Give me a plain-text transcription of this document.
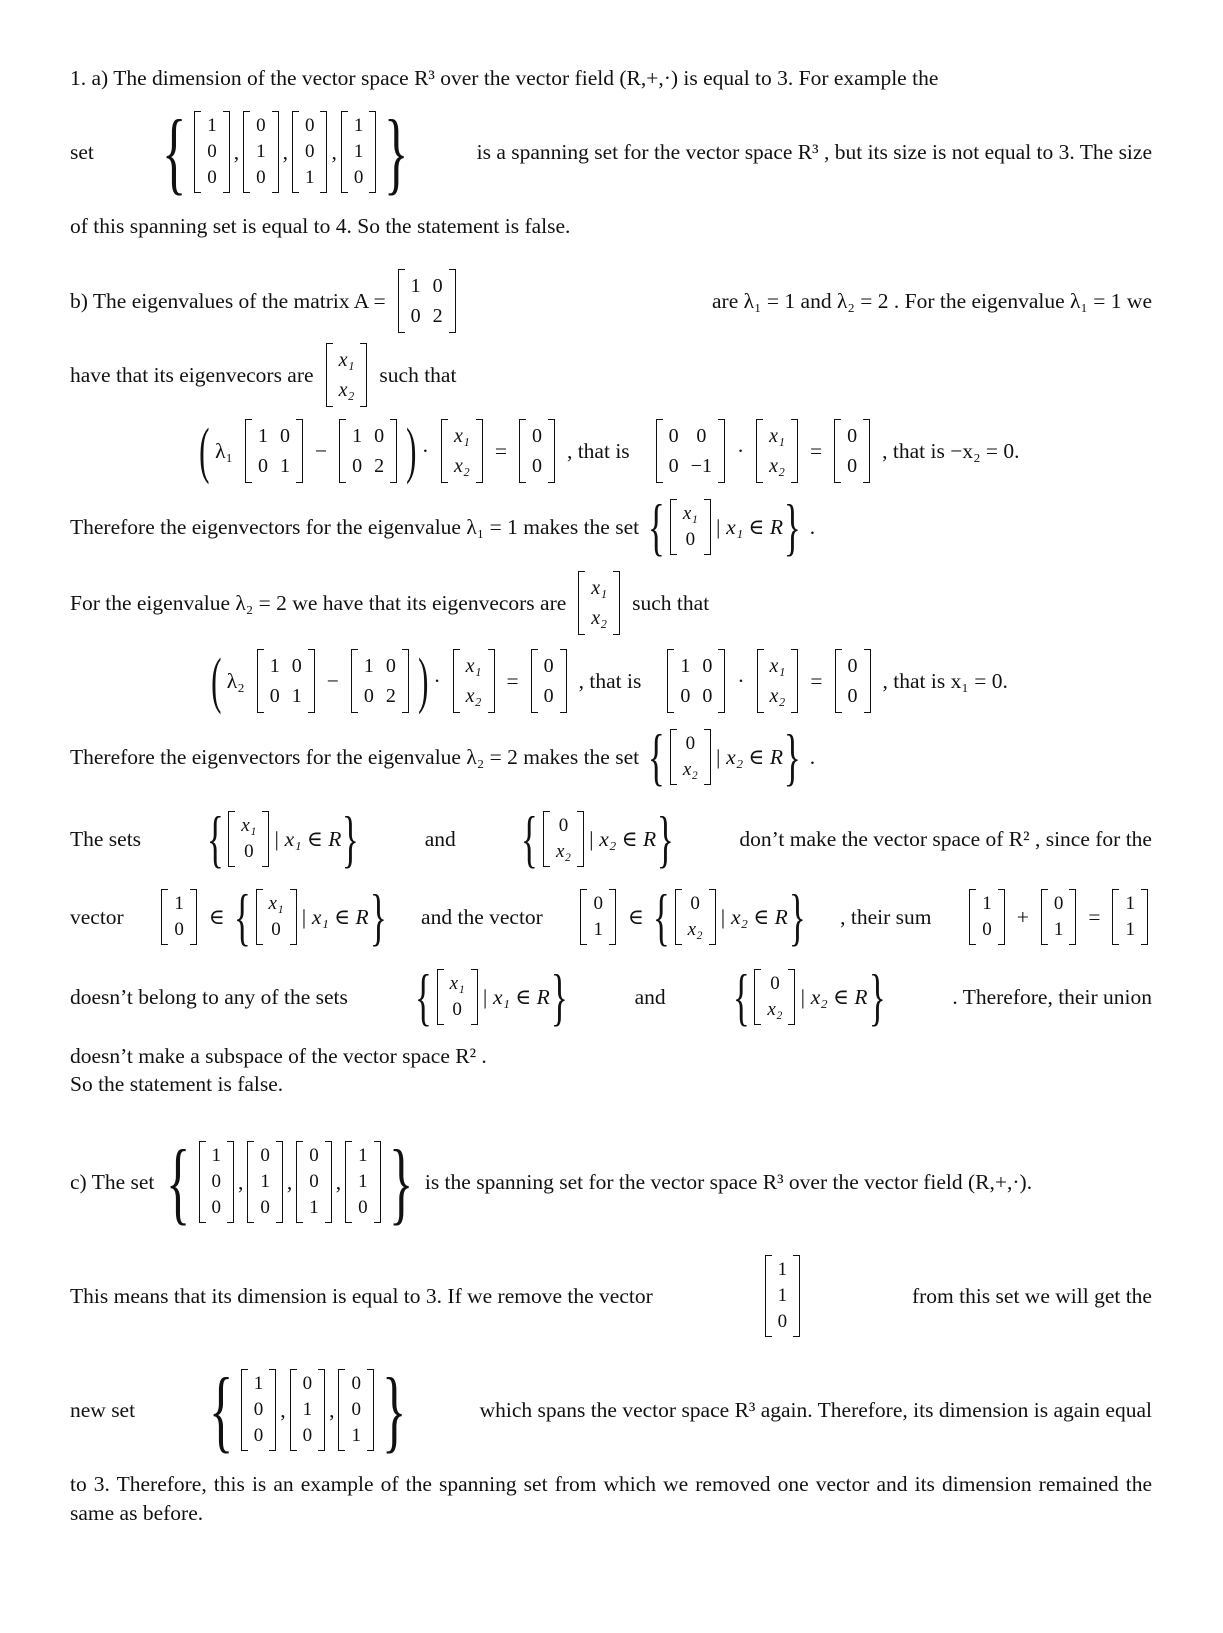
1. a) The dimension of the vector space R³ over the vector field (R,+,·) is equal to 3. For example the
set { 1
0
0
,
0
1
0
,
0
0
1
,
1
1
0 }	is a spanning set for the vector space R³ , but its size is not equal to 3. The size
of this spanning set is equal to 4. So the statement is false.
b) The eigenvalues of the matrix A =
1	0
0	2
are λ₁ = 1 and λ₂ = 2 . For the eigenvalue λ₁ = 1 we
have that its eigenvecors are
x₁
x₂
such that
( λ₁
1	0
0	1
−
1	0
0	2 ) ·
x₁
x₂
=
0
0
, that is
0	0
0	−1
·
x₁
x₂
=
0
0
, that is −x₂ = 0.
Therefore the eigenvectors for the eigenvalue λ₁ = 1 makes the set { x₁
0
| x₁ ∈ R } .
For the eigenvalue λ₂ = 2 we have that its eigenvecors are
x₁
x₂
such that
( λ₂
1	0
0	1
−
1	0
0	2 ) ·
x₁
x₂
=
0
0
, that is
1	0
0	0
·
x₁
x₂
=
0
0
, that is x₁ = 0.
Therefore the eigenvectors for the eigenvalue λ₂ = 2 makes the set { 0
x₂
| x₂ ∈ R } .
The sets { x₁
0
| x₁ ∈ R }	and { 0
x₂
| x₂ ∈ R }	don’t make the vector space of R² , since for the
vector
1
0
∈ { x₁
0
| x₁ ∈ R } and the vector
0
1
∈ { 0
x₂
| x₂ ∈ R } , their sum
1
0
+
0
1
=
1
1
doesn’t belong to any of the sets { x₁
0
| x₁ ∈ R }	and { 0
x₂
| x₂ ∈ R }	. Therefore, their union
doesn’t make a subspace of the vector space R² .
So the statement is false.
c) The set { 1
0
0
,
0
1
0
,
0
0
1
,
1
1
0 } is the spanning set for the vector space R³ over the vector field (R,+,·).
This means that its dimension is equal to 3. If we remove the vector
1
1
0
from this set we will get the
new set { 1
0
0
,
0
1
0
,
0
0
1 }	which spans the vector space R³ again. Therefore, its dimension is again equal
to 3. Therefore, this is an example of the spanning set from which we removed one vector and its dimension remained the same as before.
